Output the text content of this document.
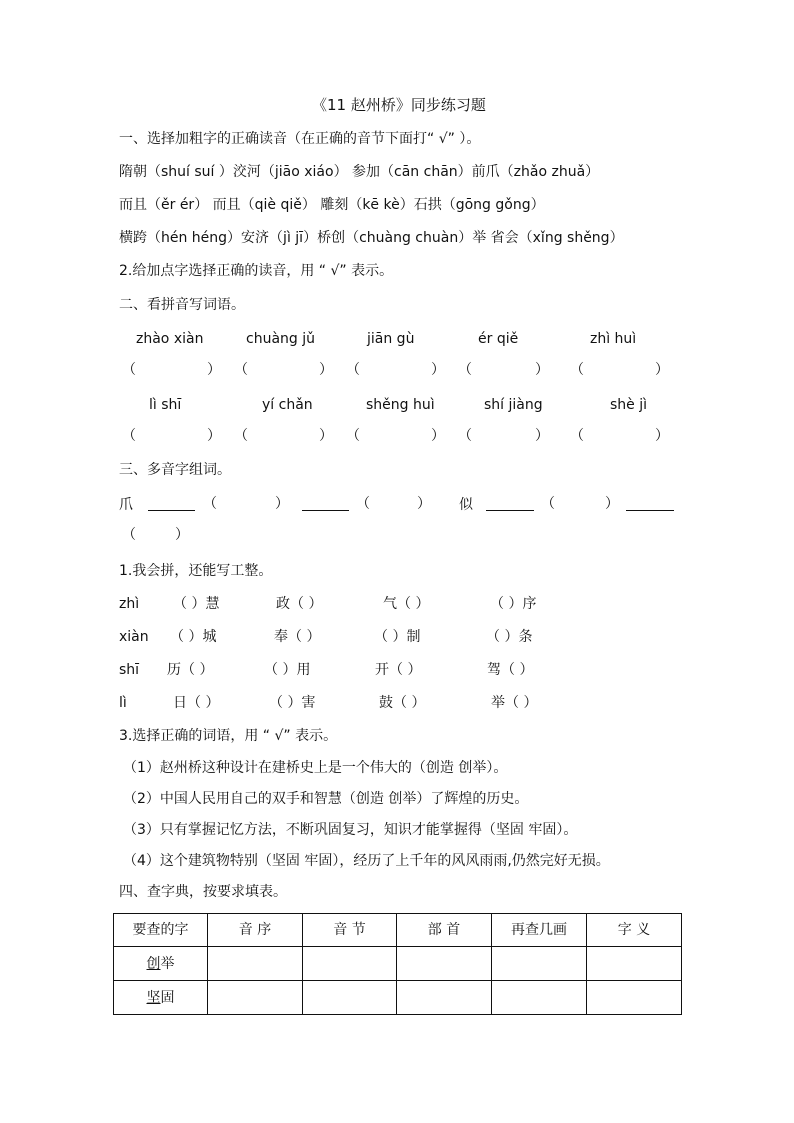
《11 赵州桥》同步练习题
一、选择加粗字的正确读音（在正确的音节下面打“ √” ）。
隋朝（shuí suí ）洨河（jiāo xiáo） 参加（cān chān）前爪（zhǎo zhuǎ）
而且（ěr ér） 而且（qiè qiě） 雕刻（kē kè）石拱（gōng gǒng）
横跨（hén héng）安济（jì jī）桥创（chuàng chuàn）举 省会（xǐng shěng）
2.给加点字选择正确的读音，用 “ √” 表示。
二、看拼音写词语。
zhào xiàn	chuàng jǔ	jiān gù	ér qiě	zhì huì
（	） （	） （	） （	） （	）
lì shī	yí chǎn	shěng huì	shí jiàng	shè jì
（	） （	） （	） （	） （	）
三、多音字组词。
爪	（	）	（	） 似	（	）
（	）
1.我会拼，还能写工整。
zhì （ ）慧	政（ ）	气（ ）	（ ）序
xiàn （ ）城	奉（ ）	（ ）制	（ ）条
shī 历（ ）	（ ）用	开（ ）	驾（ ）
lì	日（ ）	（ ）害	鼓（ ）	举（ ）
3.选择正确的词语，用 “ √” 表示。
（1）赵州桥这种设计在建桥史上是一个伟大的（创造 创举）。
（2）中国人民用自己的双手和智慧（创造 创举）了辉煌的历史。
（3）只有掌握记忆方法，不断巩固复习，知识才能掌握得（坚固 牢固）。
（4）这个建筑物特别（坚固 牢固），经历了上千年的风风雨雨,仍然完好无损。
四、查字典，按要求填表。
要查的字	音 序	音 节	部 首	再查几画	字 义
创举					
坚固					
